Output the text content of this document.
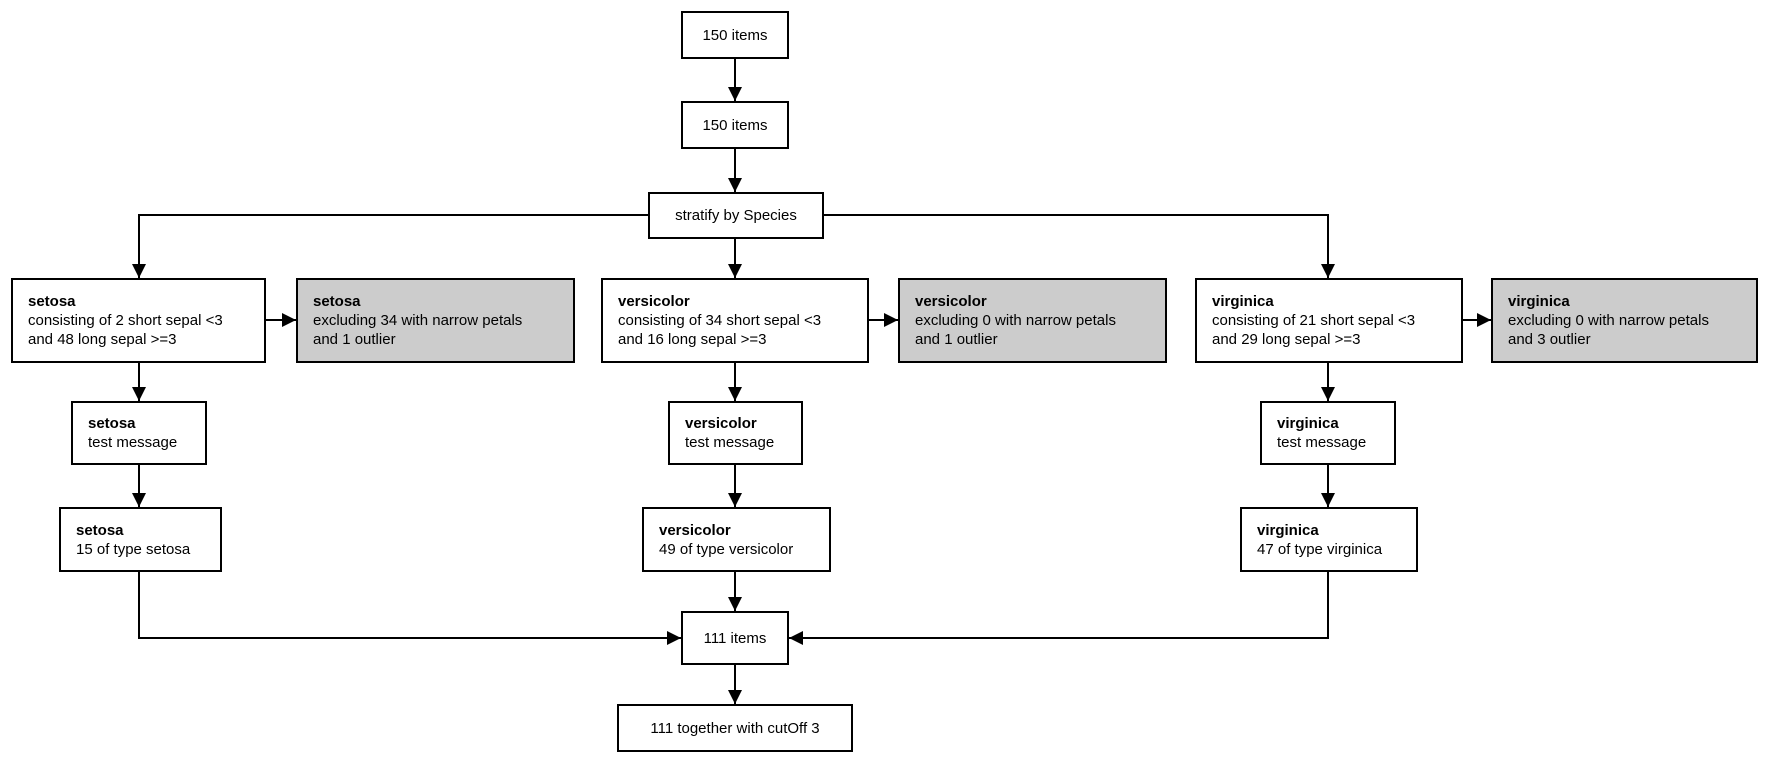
150 items
150 items
stratify by Species
setosa
consisting of 2 short sepal <3
and 48 long sepal >=3
setosa
excluding 34 with narrow petals
and 1 outlier
setosa
test message
setosa
15 of type setosa
versicolor
consisting of 34 short sepal <3
and 16 long sepal >=3
versicolor
excluding 0 with narrow petals
and 1 outlier
versicolor
test message
versicolor
49 of type versicolor
virginica
consisting of 21 short sepal <3
and 29 long sepal >=3
virginica
excluding 0 with narrow petals
and 3 outlier
virginica
test message
virginica
47 of type virginica
111 items
111 together with cutOff 3
